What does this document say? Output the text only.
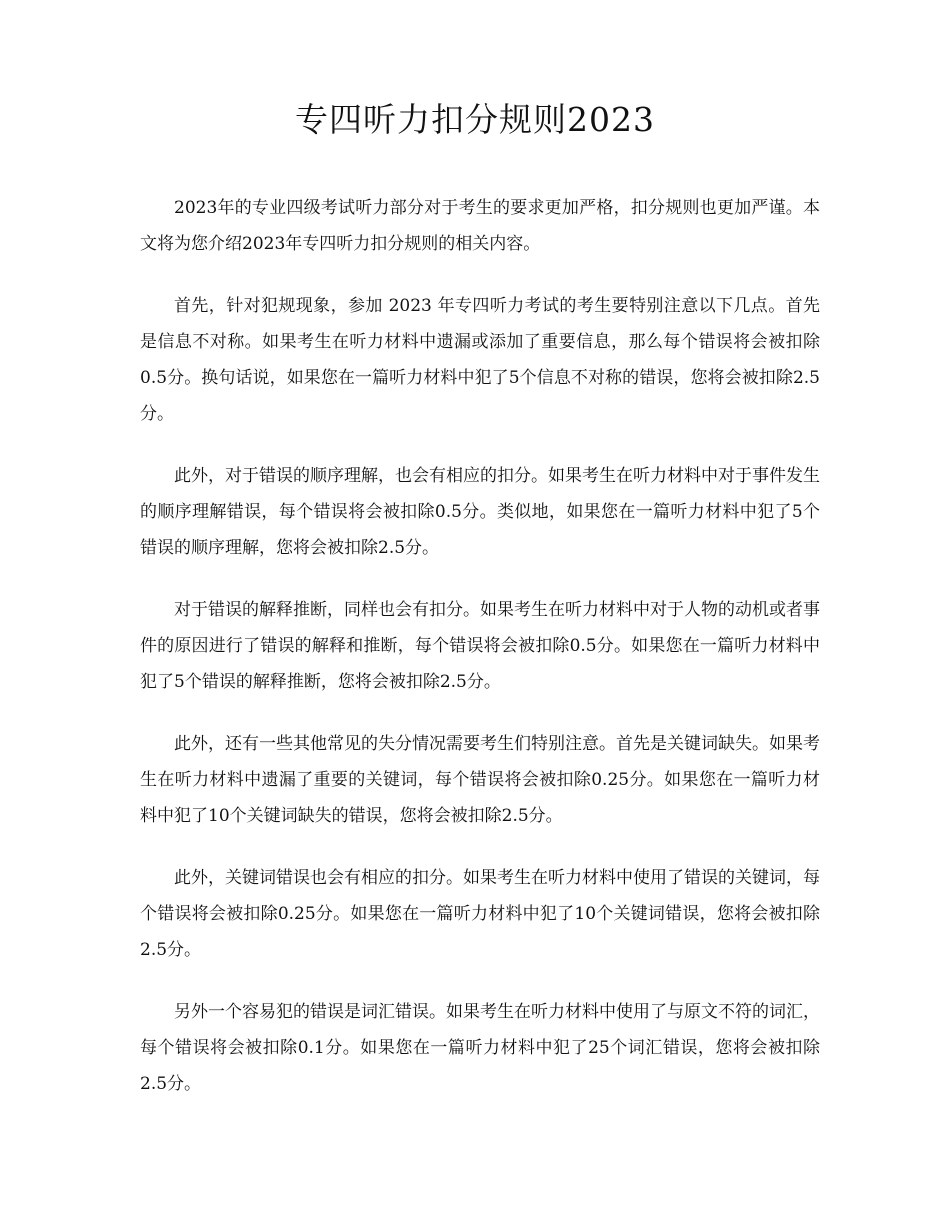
专四听力扣分规则2023

2023年的专业四级考试听力部分对于考生的要求更加严格，扣分规则也更加严谨。本文将为您介绍2023年专四听力扣分规则的相关内容。

首先，针对犯规现象，参加 2023 年专四听力考试的考生要特别注意以下几点。首先是信息不对称。如果考生在听力材料中遗漏或添加了重要信息，那么每个错误将会被扣除0.5分。换句话说，如果您在一篇听力材料中犯了5个信息不对称的错误，您将会被扣除2.5分。

此外，对于错误的顺序理解，也会有相应的扣分。如果考生在听力材料中对于事件发生的顺序理解错误，每个错误将会被扣除0.5分。类似地，如果您在一篇听力材料中犯了5个错误的顺序理解，您将会被扣除2.5分。

对于错误的解释推断，同样也会有扣分。如果考生在听力材料中对于人物的动机或者事件的原因进行了错误的解释和推断，每个错误将会被扣除0.5分。如果您在一篇听力材料中犯了5个错误的解释推断，您将会被扣除2.5分。

此外，还有一些其他常见的失分情况需要考生们特别注意。首先是关键词缺失。如果考生在听力材料中遗漏了重要的关键词，每个错误将会被扣除0.25分。如果您在一篇听力材料中犯了10个关键词缺失的错误，您将会被扣除2.5分。

此外，关键词错误也会有相应的扣分。如果考生在听力材料中使用了错误的关键词，每个错误将会被扣除0.25分。如果您在一篇听力材料中犯了10个关键词错误，您将会被扣除2.5分。

另外一个容易犯的错误是词汇错误。如果考生在听力材料中使用了与原文不符的词汇，每个错误将会被扣除0.1分。如果您在一篇听力材料中犯了25个词汇错误，您将会被扣除2.5分。
